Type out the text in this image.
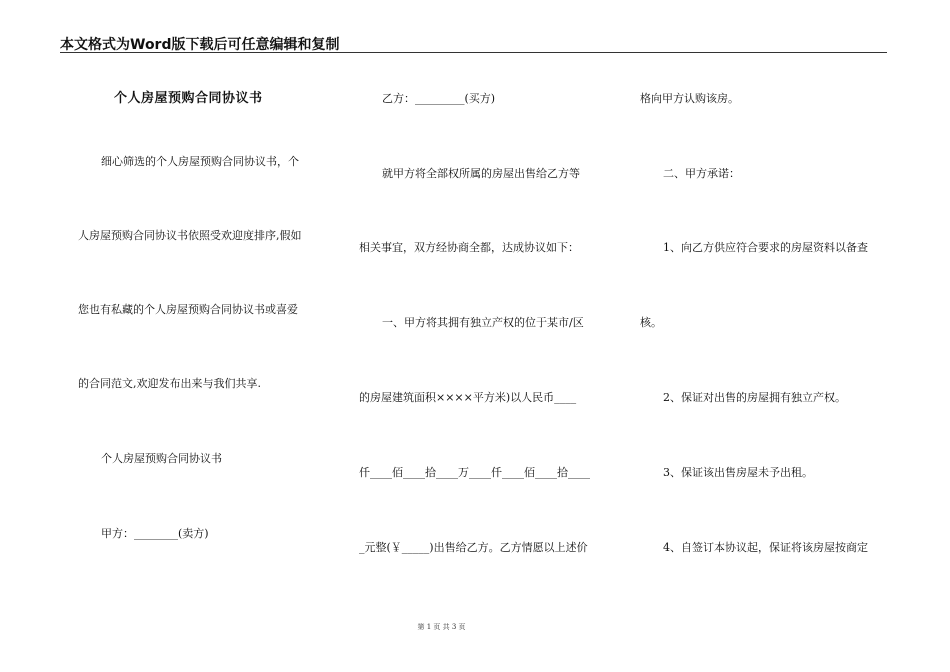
本文格式为Word版下载后可任意编辑和复制
个人房屋预购合同协议书
细心筛选的个人房屋预购合同协议书，个
人房屋预购合同协议书依照受欢迎度排序,假如
您也有私藏的个人房屋预购合同协议书或喜爱
的合同范文,欢迎发布出来与我们共享.
个人房屋预购合同协议书
甲方：________(卖方)
乙方：_________(买方)
就甲方将全部权所属的房屋出售给乙方等
相关事宜，双方经协商全都，达成协议如下：
一、甲方将其拥有独立产权的位于某市/区
的房屋建筑面积××××平方米)以人民币____
仟____佰____拾____万____仟____佰____拾____
_元整(￥_____)出售给乙方。乙方情愿以上述价
格向甲方认购该房。
二、甲方承诺：
1、向乙方供应符合要求的房屋资料以备查
核。
2、保证对出售的房屋拥有独立产权。
3、保证该出售房屋未予出租。
4、自签订本协议起，保证将该房屋按商定
第 1 页 共 3 页
